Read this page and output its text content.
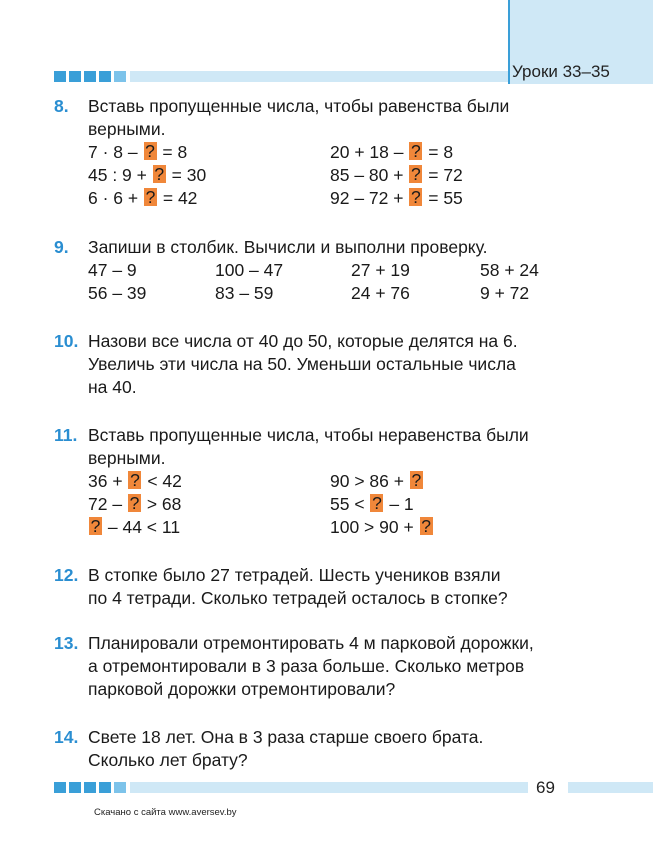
Уроки 33–35
8. Вставь пропущенные числа, чтобы равенства были
верными.
7 · 8 – ? = 8	20 + 18 – ? = 8
45 : 9 + ? = 30	85 – 80 + ? = 72
6 · 6 + ? = 42	92 – 72 + ? = 55
9. Запиши в столбик. Вычисли и выполни проверку.
47 – 9	100 – 47	27 + 19	58 + 24
56 – 39	83 – 59	24 + 76	9 + 72
10. Назови все числа от 40 до 50, которые делятся на 6.
Увеличь эти числа на 50. Уменьши остальные числа
на 40.
11. Вставь пропущенные числа, чтобы неравенства были
верными.
36 + ? < 42	90 > 86 + ?
72 – ? > 68	55 < ? – 1
? – 44 < 11	100 > 90 + ?
12. В стопке было 27 тетрадей. Шесть учеников взяли
по 4 тетради. Сколько тетрадей осталось в стопке?
13. Планировали отремонтировать 4 м парковой дорожки,
а отремонтировали в 3 раза больше. Сколько метров
парковой дорожки отремонтировали?
14. Свете 18 лет. Она в 3 раза старше своего брата.
Сколько лет брату?
69
Скачано с сайта www.aversev.by
